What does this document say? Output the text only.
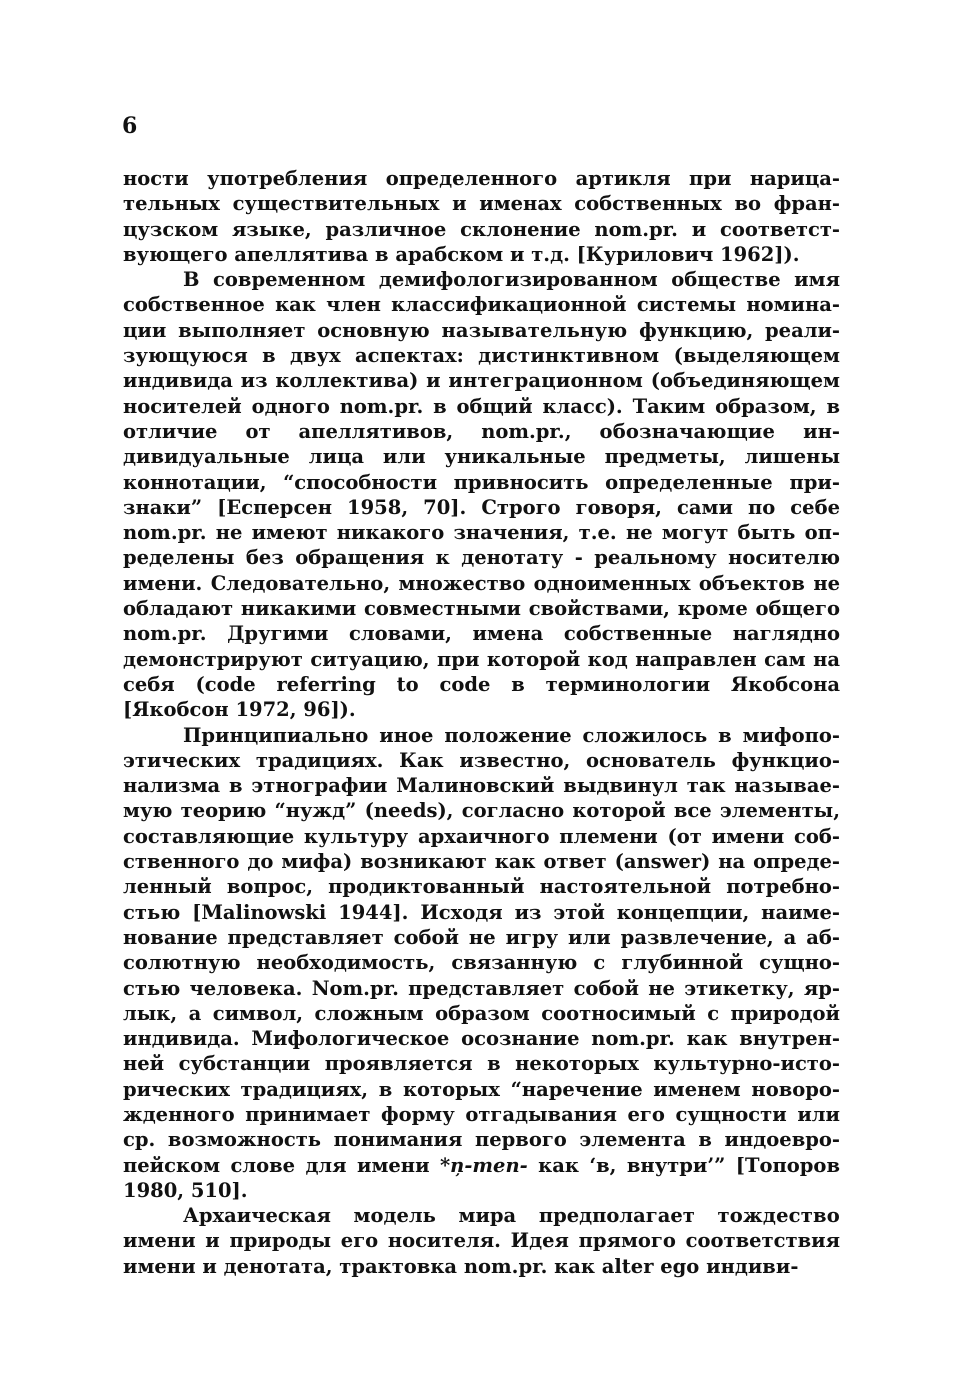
6

ности употребления определенного артикля при нарицательных существительных и именах собственных во французском языке, различное склонение nom.pr. и соответствующего апеллятива в арабском и т.д. [Курилович 1962]).

В современном демифологизированном обществе имя собственное как член классификационной системы номинации выполняет основную назывательную функцию, реализующуюся в двух аспектах: дистинктивном (выделяющем индивида из коллектива) и интеграционном (объединяющем носителей одного nom.pr. в общий класс). Таким образом, в отличие от апеллятивов, nom.pr., обозначающие индивидуальные лица или уникальные предметы, лишены коннотации, “способности привносить определенные признаки” [Есперсен 1958, 70]. Строго говоря, сами по себе nom.pr. не имеют никакого значения, т.е. не могут быть определены без обращения к денотату - реальному носителю имени. Следовательно, множество одноименных объектов не обладают никакими совместными свойствами, кроме общего nom.pr. Другими словами, имена собственные наглядно демонстрируют ситуацию, при которой код направлен сам на себя (code referring to code в терминологии Якобсона [Якобсон 1972, 96]).

Принципиально иное положение сложилось в мифопоэтических традициях. Как известно, основатель функционализма в этнографии Малиновский выдвинул так называемую теорию “нужд” (needs), согласно которой все элементы, составляющие культуру архаичного племени (от имени собственного до мифа) возникают как ответ (answer) на определенный вопрос, продиктованный настоятельной потребностью [Malinowski 1944]. Исходя из этой концепции, наименование представляет собой не игру или развлечение, а абсолютную необходимость, связанную с глубинной сущностью человека. Nom.pr. представляет собой не этикетку, ярлык, а символ, сложным образом соотносимый с природой индивида. Мифологическое осознание nom.pr. как внутренней субстанции проявляется в некоторых культурно-исторических традициях, в которых “наречение именем новорожденного принимает форму отгадывания его сущности или ср. возможность понимания первого элемента в индоевропейском слове для имени *ņ-men- как ‘в, внутри’” [Топоров 1980, 510].

Архаическая модель мира предполагает тождество имени и природы его носителя. Идея прямого соответствия имени и денотата, трактовка nom.pr. как alter ego индиви-
